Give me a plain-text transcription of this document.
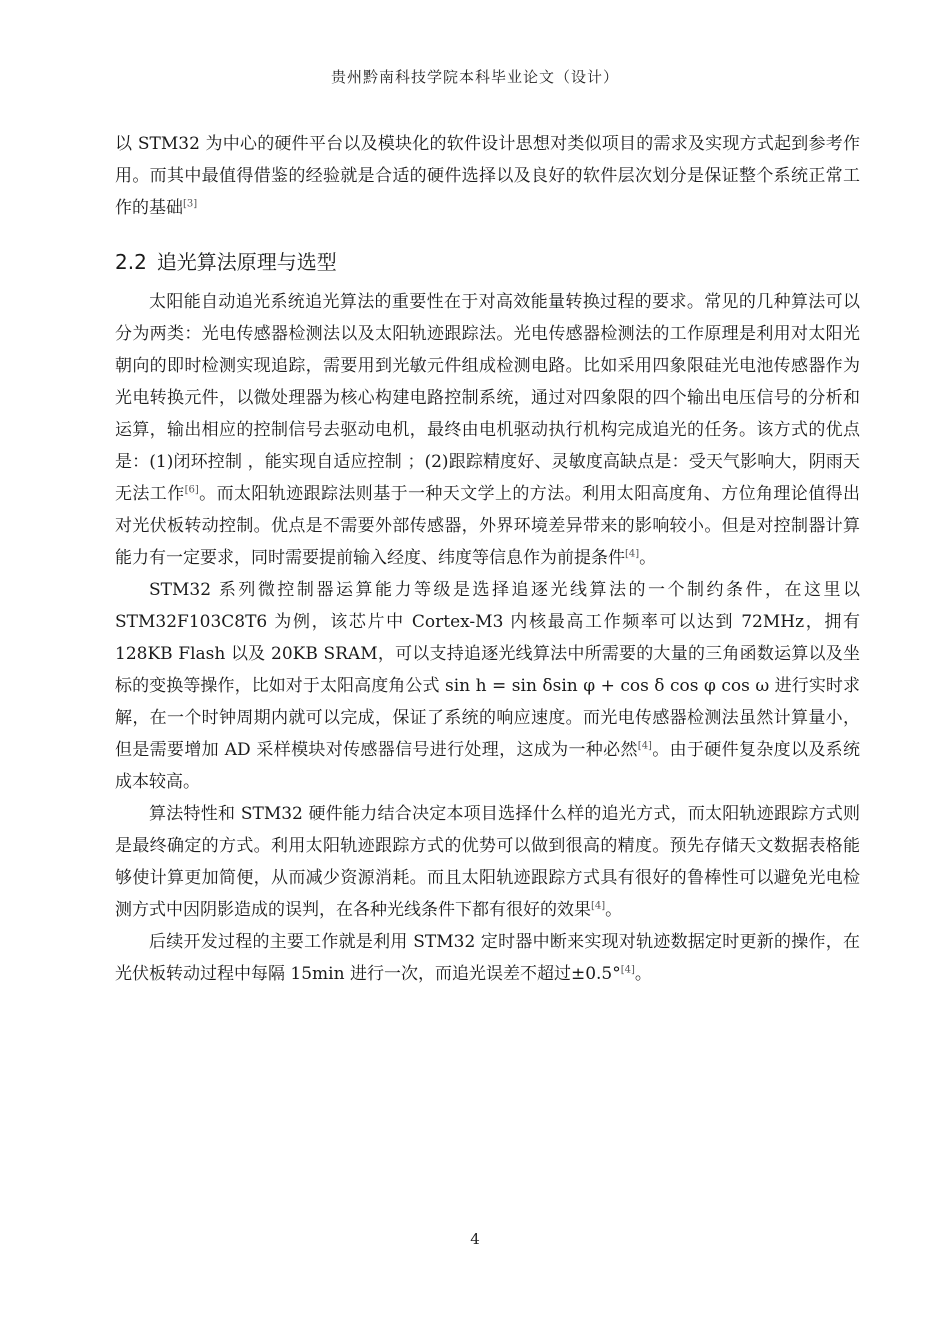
贵州黔南科技学院本科毕业论文（设计）

以 STM32 为中心的硬件平台以及模块化的软件设计思想对类似项目的需求及实现方式起到参考作用。而其中最值得借鉴的经验就是合适的硬件选择以及良好的软件层次划分是保证整个系统正常工作的基础[3]

2.2 追光算法原理与选型

太阳能自动追光系统追光算法的重要性在于对高效能量转换过程的要求。常见的几种算法可以分为两类：光电传感器检测法以及太阳轨迹跟踪法。光电传感器检测法的工作原理是利用对太阳光朝向的即时检测实现追踪，需要用到光敏元件组成检测电路。比如采用四象限硅光电池传感器作为光电转换元件，以微处理器为核心构建电路控制系统，通过对四象限的四个输出电压信号的分析和运算，输出相应的控制信号去驱动电机，最终由电机驱动执行机构完成追光的任务。该方式的优点是：(1)闭环控制 ，能实现自适应控制 ；(2)跟踪精度好、灵敏度高缺点是：受天气影响大，阴雨天无法工作[6]。而太阳轨迹跟踪法则基于一种天文学上的方法。利用太阳高度角、方位角理论值得出对光伏板转动控制。优点是不需要外部传感器，外界环境差异带来的影响较小。但是对控制器计算能力有一定要求，同时需要提前输入经度、纬度等信息作为前提条件[4]。

STM32 系列微控制器运算能力等级是选择追逐光线算法的一个制约条件，在这里以 STM32F103C8T6 为例，该芯片中 Cortex-M3 内核最高工作频率可以达到 72MHz，拥有 128KB Flash 以及 20KB SRAM，可以支持追逐光线算法中所需要的大量的三角函数运算以及坐标的变换等操作，比如对于太阳高度角公式 sin h = sin δsin φ + cos δ cos φ cos ω 进行实时求解，在一个时钟周期内就可以完成，保证了系统的响应速度。而光电传感器检测法虽然计算量小，但是需要增加 AD 采样模块对传感器信号进行处理，这成为一种必然[4]。由于硬件复杂度以及系统成本较高。

算法特性和 STM32 硬件能力结合决定本项目选择什么样的追光方式，而太阳轨迹跟踪方式则是最终确定的方式。利用太阳轨迹跟踪方式的优势可以做到很高的精度。预先存储天文数据表格能够使计算更加简便，从而减少资源消耗。而且太阳轨迹跟踪方式具有很好的鲁棒性可以避免光电检测方式中因阴影造成的误判，在各种光线条件下都有很好的效果[4]。

后续开发过程的主要工作就是利用 STM32 定时器中断来实现对轨迹数据定时更新的操作，在光伏板转动过程中每隔 15min 进行一次，而追光误差不超过±0.5°[4]。

4
